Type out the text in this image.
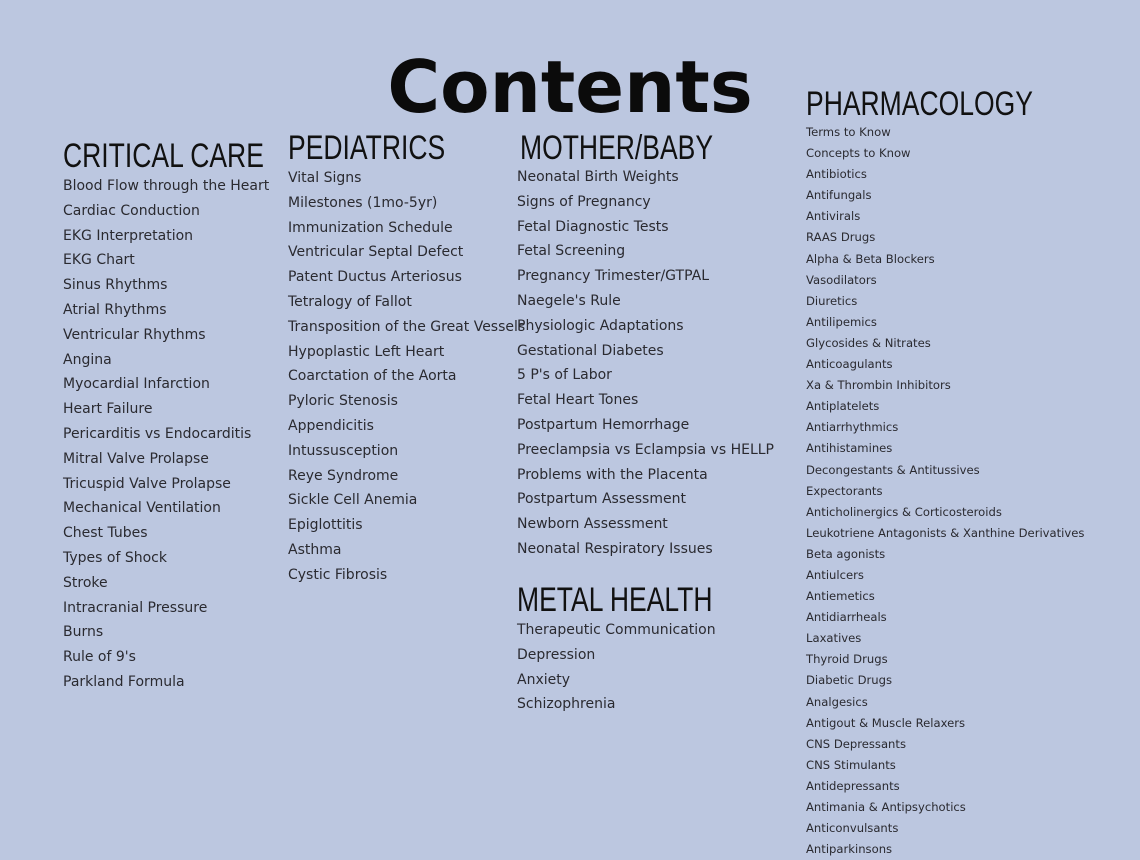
Contents
CRITICAL CARE
Blood Flow through the Heart
Cardiac Conduction
EKG Interpretation
EKG Chart
Sinus Rhythms
Atrial Rhythms
Ventricular Rhythms
Angina
Myocardial Infarction
Heart Failure
Pericarditis vs Endocarditis
Mitral Valve Prolapse
Tricuspid Valve Prolapse
Mechanical Ventilation
Chest Tubes
Types of Shock
Stroke
Intracranial Pressure
Burns
Rule of 9's
Parkland Formula
PEDIATRICS
Vital Signs
Milestones (1mo-5yr)
Immunization Schedule
Ventricular Septal Defect
Patent Ductus Arteriosus
Tetralogy of Fallot
Transposition of the Great Vessels
Hypoplastic Left Heart
Coarctation of the Aorta
Pyloric Stenosis
Appendicitis
Intussusception
Reye Syndrome
Sickle Cell Anemia
Epiglottitis
Asthma
Cystic Fibrosis
MOTHER/BABY
Neonatal Birth Weights
Signs of Pregnancy
Fetal Diagnostic Tests
Fetal Screening
Pregnancy Trimester/GTPAL
Naegele's Rule
Physiologic Adaptations
Gestational Diabetes
5 P's of Labor
Fetal Heart Tones
Postpartum Hemorrhage
Preeclampsia vs Eclampsia vs HELLP
Problems with the Placenta
Postpartum Assessment
Newborn Assessment
Neonatal Respiratory Issues
METAL HEALTH
Therapeutic Communication
Depression
Anxiety
Schizophrenia
PHARMACOLOGY
Terms to Know
Concepts to Know
Antibiotics
Antifungals
Antivirals
RAAS Drugs
Alpha & Beta Blockers
Vasodilators
Diuretics
Antilipemics
Glycosides & Nitrates
Anticoagulants
Xa & Thrombin Inhibitors
Antiplatelets
Antiarrhythmics
Antihistamines
Decongestants & Antitussives
Expectorants
Anticholinergics & Corticosteroids
Leukotriene Antagonists & Xanthine Derivatives
Beta agonists
Antiulcers
Antiemetics
Antidiarrheals
Laxatives
Thyroid Drugs
Diabetic Drugs
Analgesics
Antigout & Muscle Relaxers
CNS Depressants
CNS Stimulants
Antidepressants
Antimania & Antipsychotics
Anticonvulsants
Antiparkinsons
